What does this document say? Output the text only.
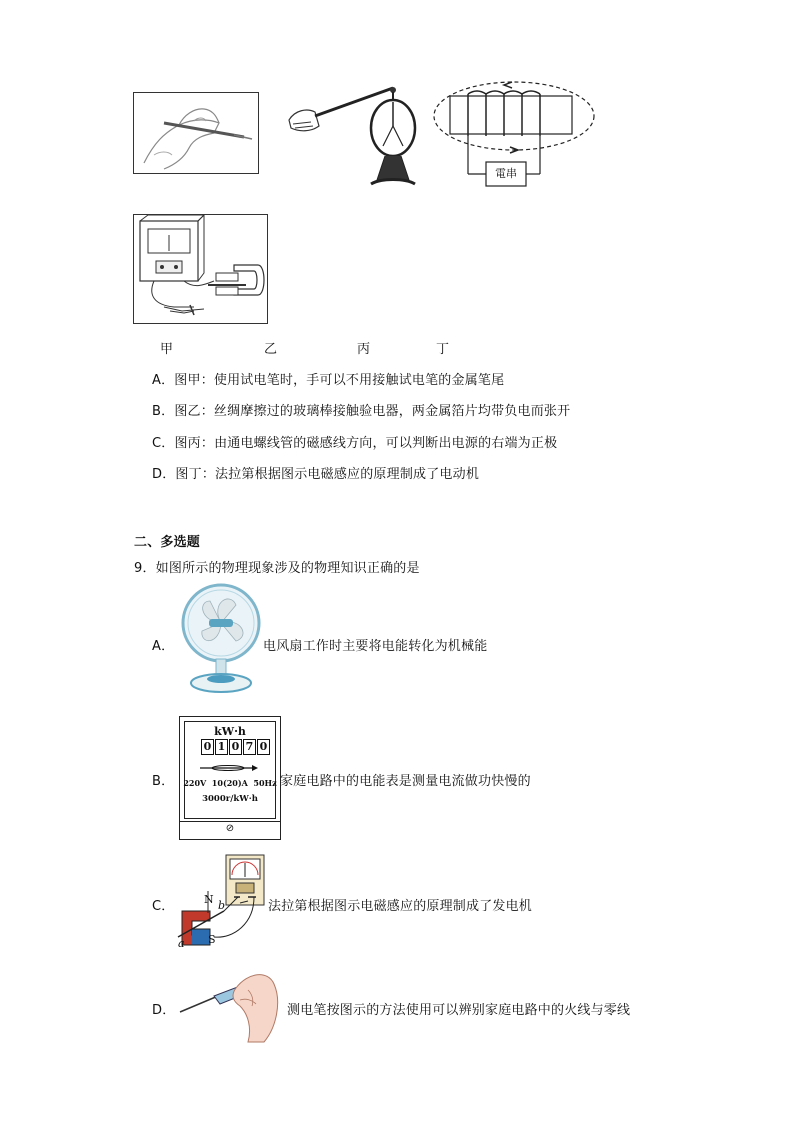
電串
甲	乙	丙	丁
A．图甲：使用试电笔时，手可以不用接触试电笔的金属笔尾
B．图乙：丝绸摩擦过的玻璃棒接触验电器，两金属箔片均带负电而张开
C．图丙：由通电螺线管的磁感线方向，可以判断出电源的右端为正极
D．图丁：法拉第根据图示电磁感应的原理制成了电动机
二、多选题
9．如图所示的物理现象涉及的物理知识正确的是
A．	电风扇工作时主要将电能转化为机械能
B．
kW·h
0 1 0 7 0
220V  10(20)A  50Hz
3000r/kW·h
⊘
家庭电路中的电能表是测量电流做功快慢的
C．	N
S
a
b	法拉第根据图示电磁感应的原理制成了发电机
D．	测电笔按图示的方法使用可以辨别家庭电路中的火线与零线
